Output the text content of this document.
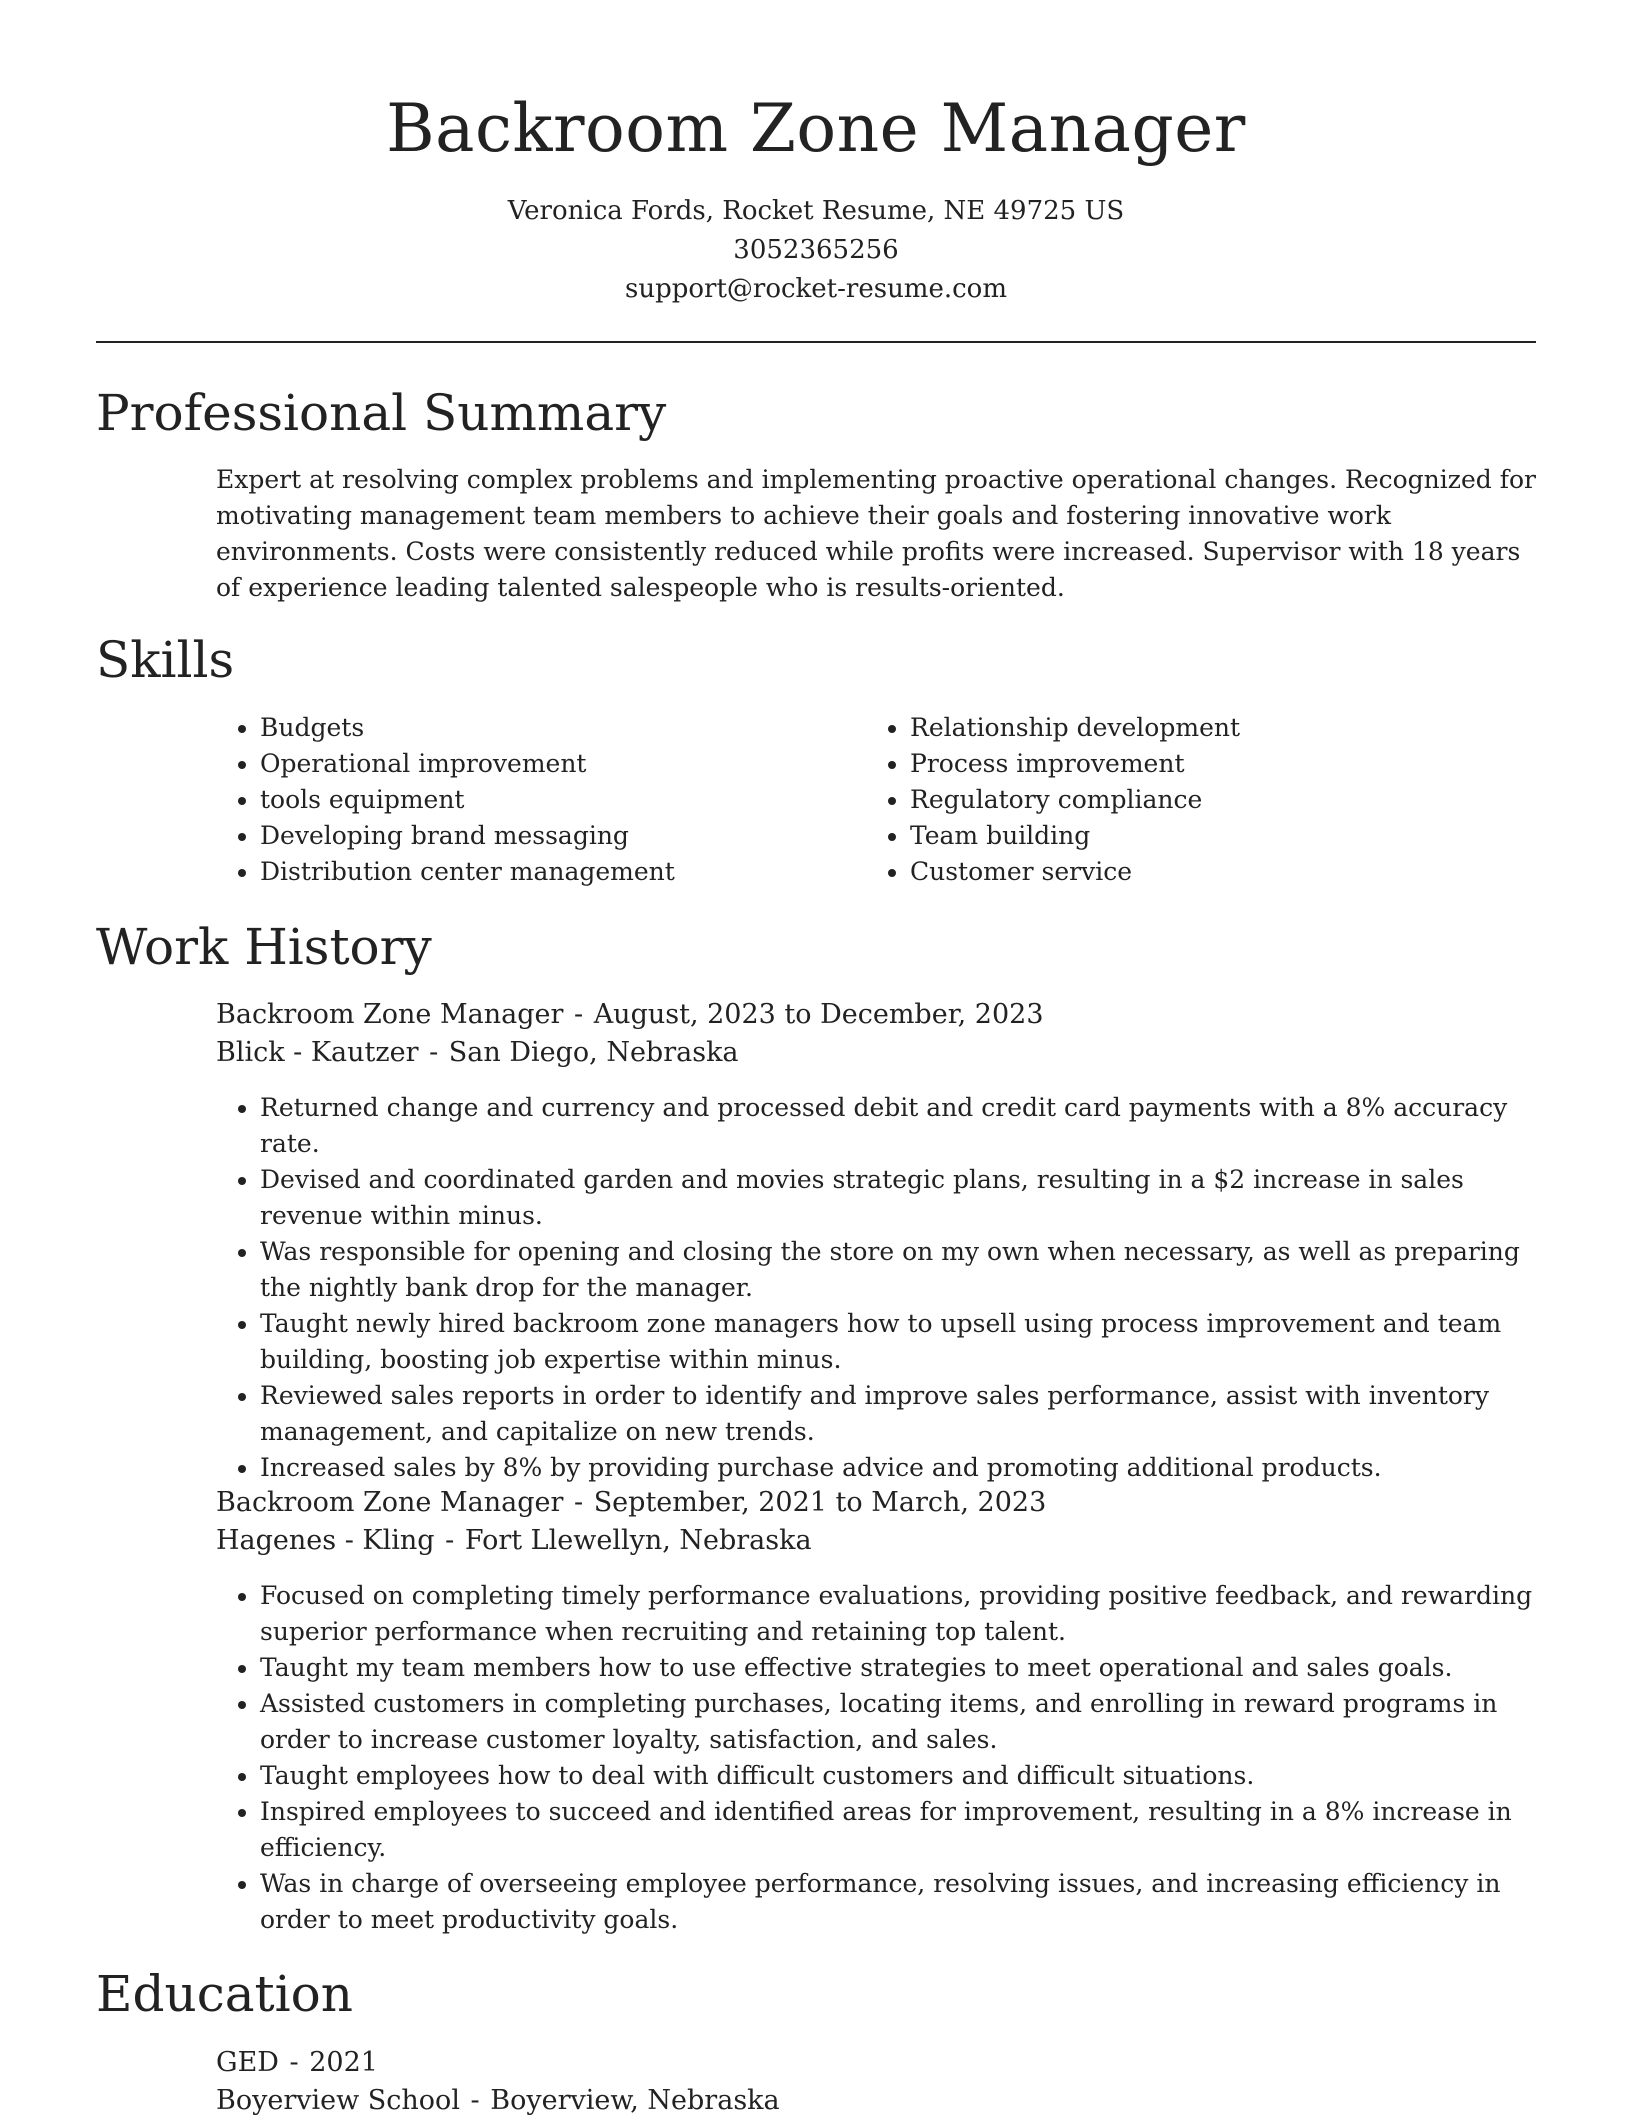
Backroom Zone Manager

Veronica Fords, Rocket Resume, NE 49725 US

3052365256

support@rocket-resume.com

Professional Summary

Expert at resolving complex problems and implementing proactive operational changes. Recognized for motivating management team members to achieve their goals and fostering innovative work environments. Costs were consistently reduced while profits were increased. Supervisor with 18 years of experience leading talented salespeople who is results-oriented.

Skills
• Budgets
• Operational improvement
• tools equipment
• Developing brand messaging
• Distribution center management
• Relationship development
• Process improvement
• Regulatory compliance
• Team building
• Customer service
Work History

Backroom Zone Manager - August, 2023 to December, 2023

Blick - Kautzer - San Diego, Nebraska

• Returned change and currency and processed debit and credit card payments with a 8% accuracy rate.
• Devised and coordinated garden and movies strategic plans, resulting in a $2 increase in sales revenue within minus.
• Was responsible for opening and closing the store on my own when necessary, as well as preparing the nightly bank drop for the manager.
• Taught newly hired backroom zone managers how to upsell using process improvement and team building, boosting job expertise within minus.
• Reviewed sales reports in order to identify and improve sales performance, assist with inventory management, and capitalize on new trends.
• Increased sales by 8% by providing purchase advice and promoting additional products.

Backroom Zone Manager - September, 2021 to March, 2023

Hagenes - Kling - Fort Llewellyn, Nebraska

• Focused on completing timely performance evaluations, providing positive feedback, and rewarding superior performance when recruiting and retaining top talent.
• Taught my team members how to use effective strategies to meet operational and sales goals.
• Assisted customers in completing purchases, locating items, and enrolling in reward programs in order to increase customer loyalty, satisfaction, and sales.
• Taught employees how to deal with difficult customers and difficult situations.
• Inspired employees to succeed and identified areas for improvement, resulting in a 8% increase in efficiency.
• Was in charge of overseeing employee performance, resolving issues, and increasing efficiency in order to meet productivity goals.
Education

GED - 2021

Boyerview School - Boyerview, Nebraska
